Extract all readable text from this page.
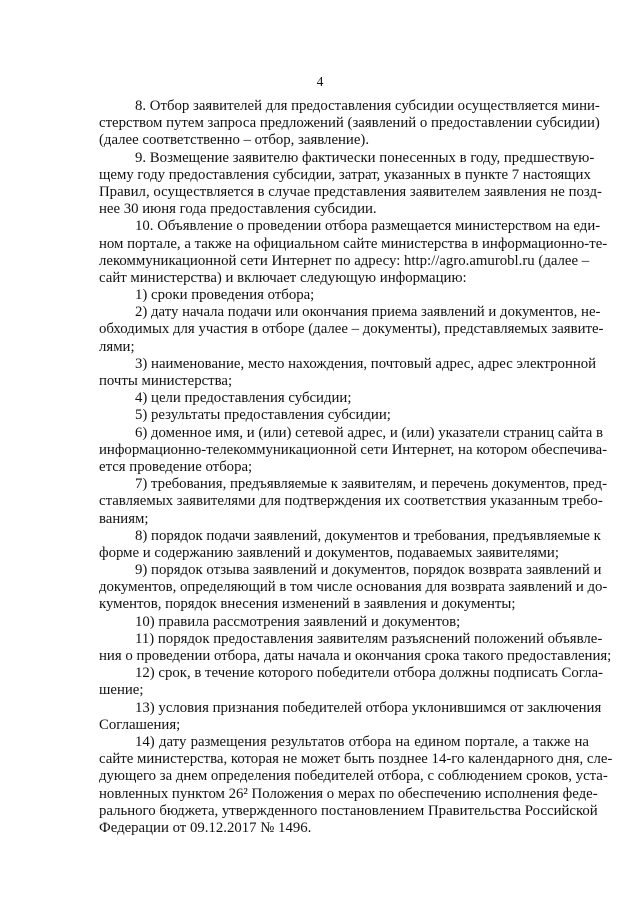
4
8. Отбор заявителей для предоставления субсидии осуществляется мини-
стерством путем запроса предложений (заявлений о предоставлении субсидии)
(далее соответственно – отбор, заявление).
9. Возмещение заявителю фактически понесенных в году, предшествую-
щему году предоставления субсидии, затрат, указанных в пункте 7 настоящих
Правил, осуществляется в случае представления заявителем заявления не позд-
нее 30 июня года предоставления субсидии.
10. Объявление о проведении отбора размещается министерством на еди-
ном портале, а также на официальном сайте министерства в информационно-те-
лекоммуникационной сети Интернет по адресу: http://agro.amurobl.ru (далее –
сайт министерства) и включает следующую информацию:
1) сроки проведения отбора;
2) дату начала подачи или окончания приема заявлений и документов, не-
обходимых для участия в отборе (далее – документы), представляемых заявите-
лями;
3) наименование, место нахождения, почтовый адрес, адрес электронной
почты министерства;
4) цели предоставления субсидии;
5) результаты предоставления субсидии;
6) доменное имя, и (или) сетевой адрес, и (или) указатели страниц сайта в
информационно-телекоммуникационной сети Интернет, на котором обеспечива-
ется проведение отбора;
7) требования, предъявляемые к заявителям, и перечень документов, пред-
ставляемых заявителями для подтверждения их соответствия указанным требо-
ваниям;
8) порядок подачи заявлений, документов и требования, предъявляемые к
форме и содержанию заявлений и документов, подаваемых заявителями;
9) порядок отзыва заявлений и документов, порядок возврата заявлений и
документов, определяющий в том числе основания для возврата заявлений и до-
кументов, порядок внесения изменений в заявления и документы;
10) правила рассмотрения заявлений и документов;
11) порядок предоставления заявителям разъяснений положений объявле-
ния о проведении отбора, даты начала и окончания срока такого предоставления;
12) срок, в течение которого победители отбора должны подписать Согла-
шение;
13) условия признания победителей отбора уклонившимся от заключения
Соглашения;
14) дату размещения результатов отбора на едином портале, а также на
сайте министерства, которая не может быть позднее 14-го календарного дня, сле-
дующего за днем определения победителей отбора, с соблюдением сроков, уста-
новленных пунктом 26² Положения о мерах по обеспечению исполнения феде-
рального бюджета, утвержденного постановлением Правительства Российской
Федерации от 09.12.2017 № 1496.
